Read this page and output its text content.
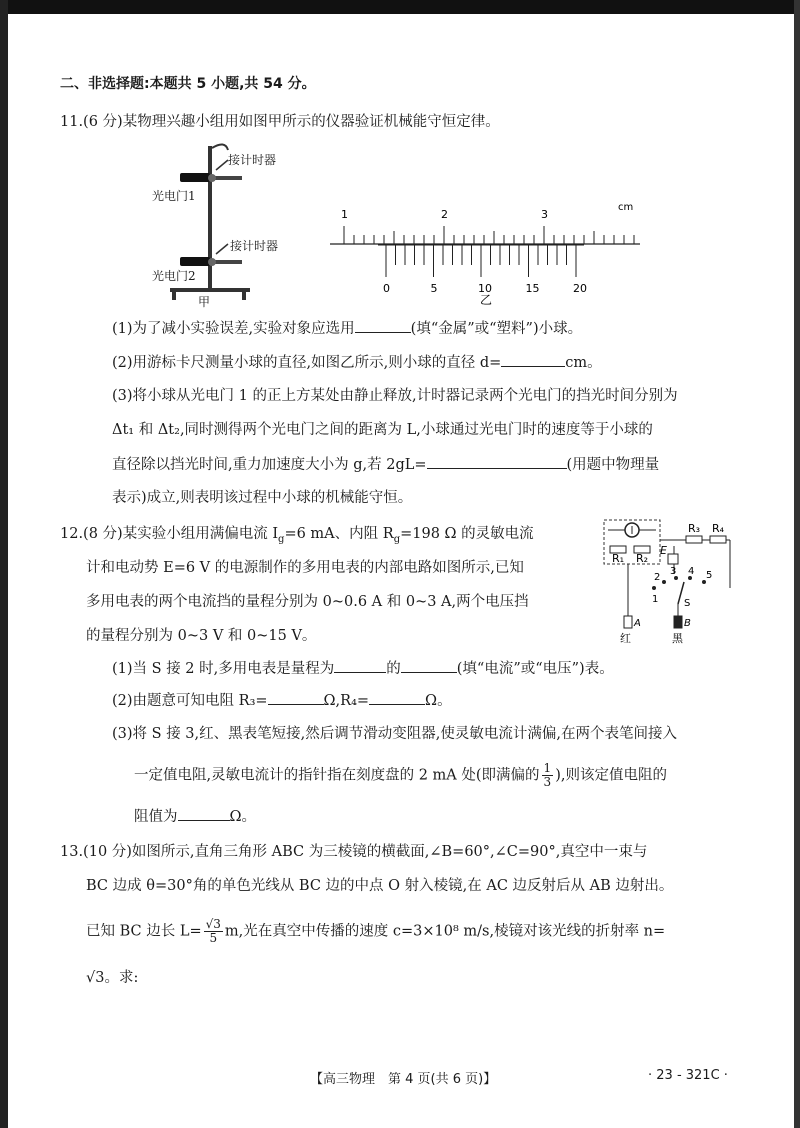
二、非选择题:本题共 5 小题,共 54 分。
11.(6 分)某物理兴趣小组用如图甲所示的仪器验证机械能守恒定律。
接计时器
光电门1
接计时器
光电门2
甲
1	2	3
cm
0	5	10	15	20
乙
(1)为了减小实验误差,实验对象应选用	(填“金属”或“塑料”)小球。
(2)用游标卡尺测量小球的直径,如图乙所示,则小球的直径 d=	cm。
(3)将小球从光电门 1 的正上方某处由静止释放,计时器记录两个光电门的挡光时间分别为
Δt₁ 和 Δt₂,同时测得两个光电门之间的距离为 L,小球通过光电门时的速度等于小球的
直径除以挡光时间,重力加速度大小为 g,若 2gL=	(用题中物理量
表示)成立,则表明该过程中小球的机械能守恒。
12.(8 分)某实验小组用满偏电流 $I_g=6$ mA、内阻 $R_g=198$ Ω 的灵敏电流
计和电动势 E=6 V 的电源制作的多用电表的内部电路如图所示,已知
多用电表的两个电流挡的量程分别为 0~0.6 A 和 0~3 A,两个电压挡
的量程分别为 0~3 V 和 0~15 V。
R₁ R₂
R₃ R₄
E
1
2
3 4 5
S
A	B
红	黑
(1)当 S 接 2 时,多用电表是量程为	的	(填“电流”或“电压”)表。
(2)由题意可知电阻 R₃=	Ω,R₄=	Ω。
(3)将 S 接 3,红、黑表笔短接,然后调节滑动变阻器,使灵敏电流计满偏,在两个表笔间接入
一定值电阻,灵敏电流计的指针指在刻度盘的 2 mA 处(即满偏的 $\frac{1}{3}$ ),则该定值电阻的
阻值为	Ω。
13.(10 分)如图所示,直角三角形 ABC 为三棱镜的横截面,∠B=60°,∠C=90°,真空中一束与
BC 边成 θ=30°角的单色光线从 BC 边的中点 O 射入棱镜,在 AC 边反射后从 AB 边射出。
已知 BC 边长 $L= \frac{√3}{5} m$,光在真空中传播的速度 c=3×10⁸ m/s,棱镜对该光线的折射率 n=
√3。求:
【高三物理　第 4 页(共 6 页)】	· 23 - 321C ·
